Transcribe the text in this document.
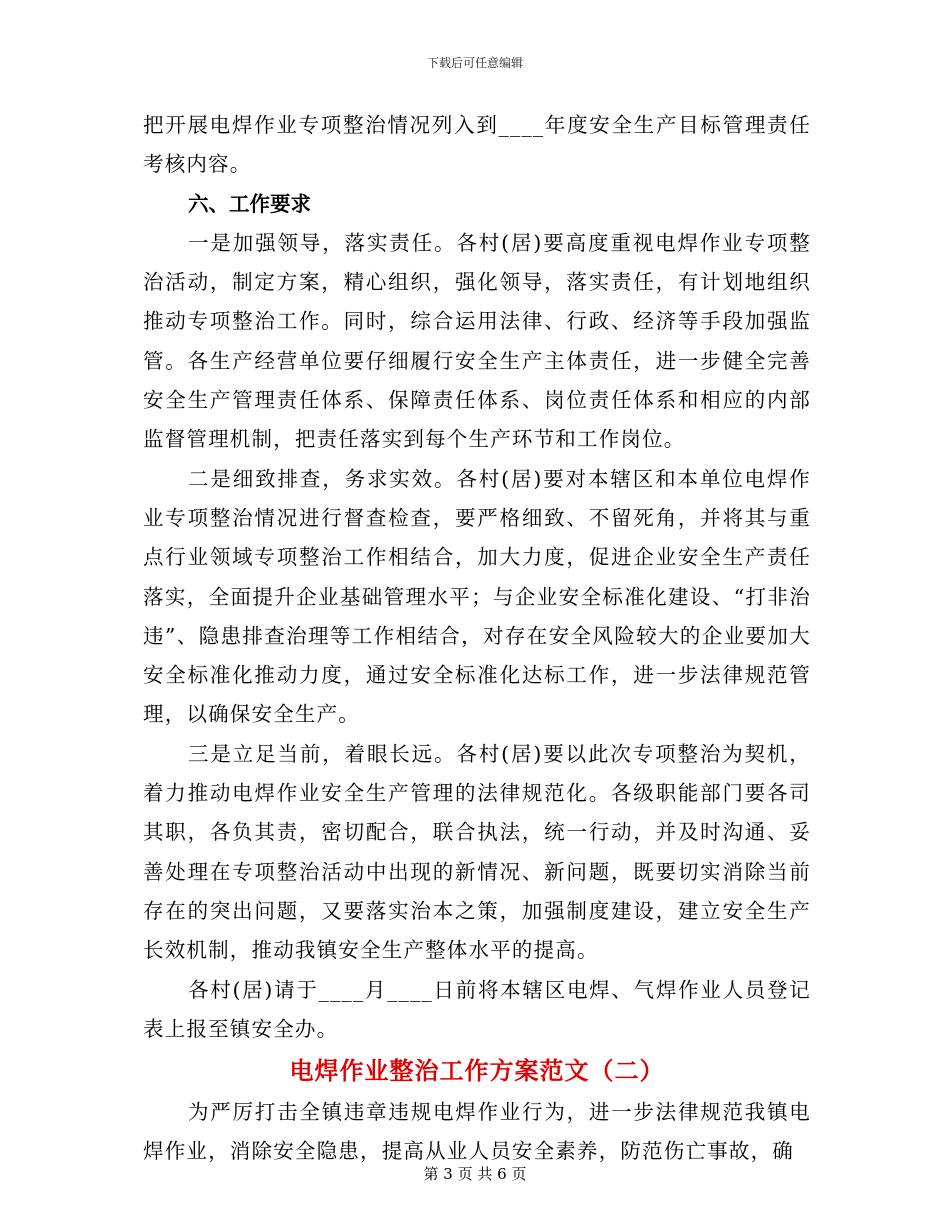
下载后可任意编辑

把开展电焊作业专项整治情况列入到____年度安全生产目标管理责任考核内容。

六、工作要求

一是加强领导，落实责任。各村(居)要高度重视电焊作业专项整治活动，制定方案，精心组织，强化领导，落实责任，有计划地组织推动专项整治工作。同时，综合运用法律、行政、经济等手段加强监管。各生产经营单位要仔细履行安全生产主体责任，进一步健全完善安全生产管理责任体系、保障责任体系、岗位责任体系和相应的内部监督管理机制，把责任落实到每个生产环节和工作岗位。

二是细致排查，务求实效。各村(居)要对本辖区和本单位电焊作业专项整治情况进行督查检查，要严格细致、不留死角，并将其与重点行业领域专项整治工作相结合，加大力度，促进企业安全生产责任落实，全面提升企业基础管理水平；与企业安全标准化建设、“打非治违”、隐患排查治理等工作相结合，对存在安全风险较大的企业要加大安全标准化推动力度，通过安全标准化达标工作，进一步法律规范管理，以确保安全生产。

三是立足当前，着眼长远。各村(居)要以此次专项整治为契机，着力推动电焊作业安全生产管理的法律规范化。各级职能部门要各司其职，各负其责，密切配合，联合执法，统一行动，并及时沟通、妥善处理在专项整治活动中出现的新情况、新问题，既要切实消除当前存在的突出问题，又要落实治本之策，加强制度建设，建立安全生产长效机制，推动我镇安全生产整体水平的提高。

各村(居)请于____月____日前将本辖区电焊、气焊作业人员登记表上报至镇安全办。

电焊作业整治工作方案范文（二）

为严厉打击全镇违章违规电焊作业行为，进一步法律规范我镇电焊作业，消除安全隐患，提高从业人员安全素养，防范伤亡事故，确

第 3 页 共 6 页
